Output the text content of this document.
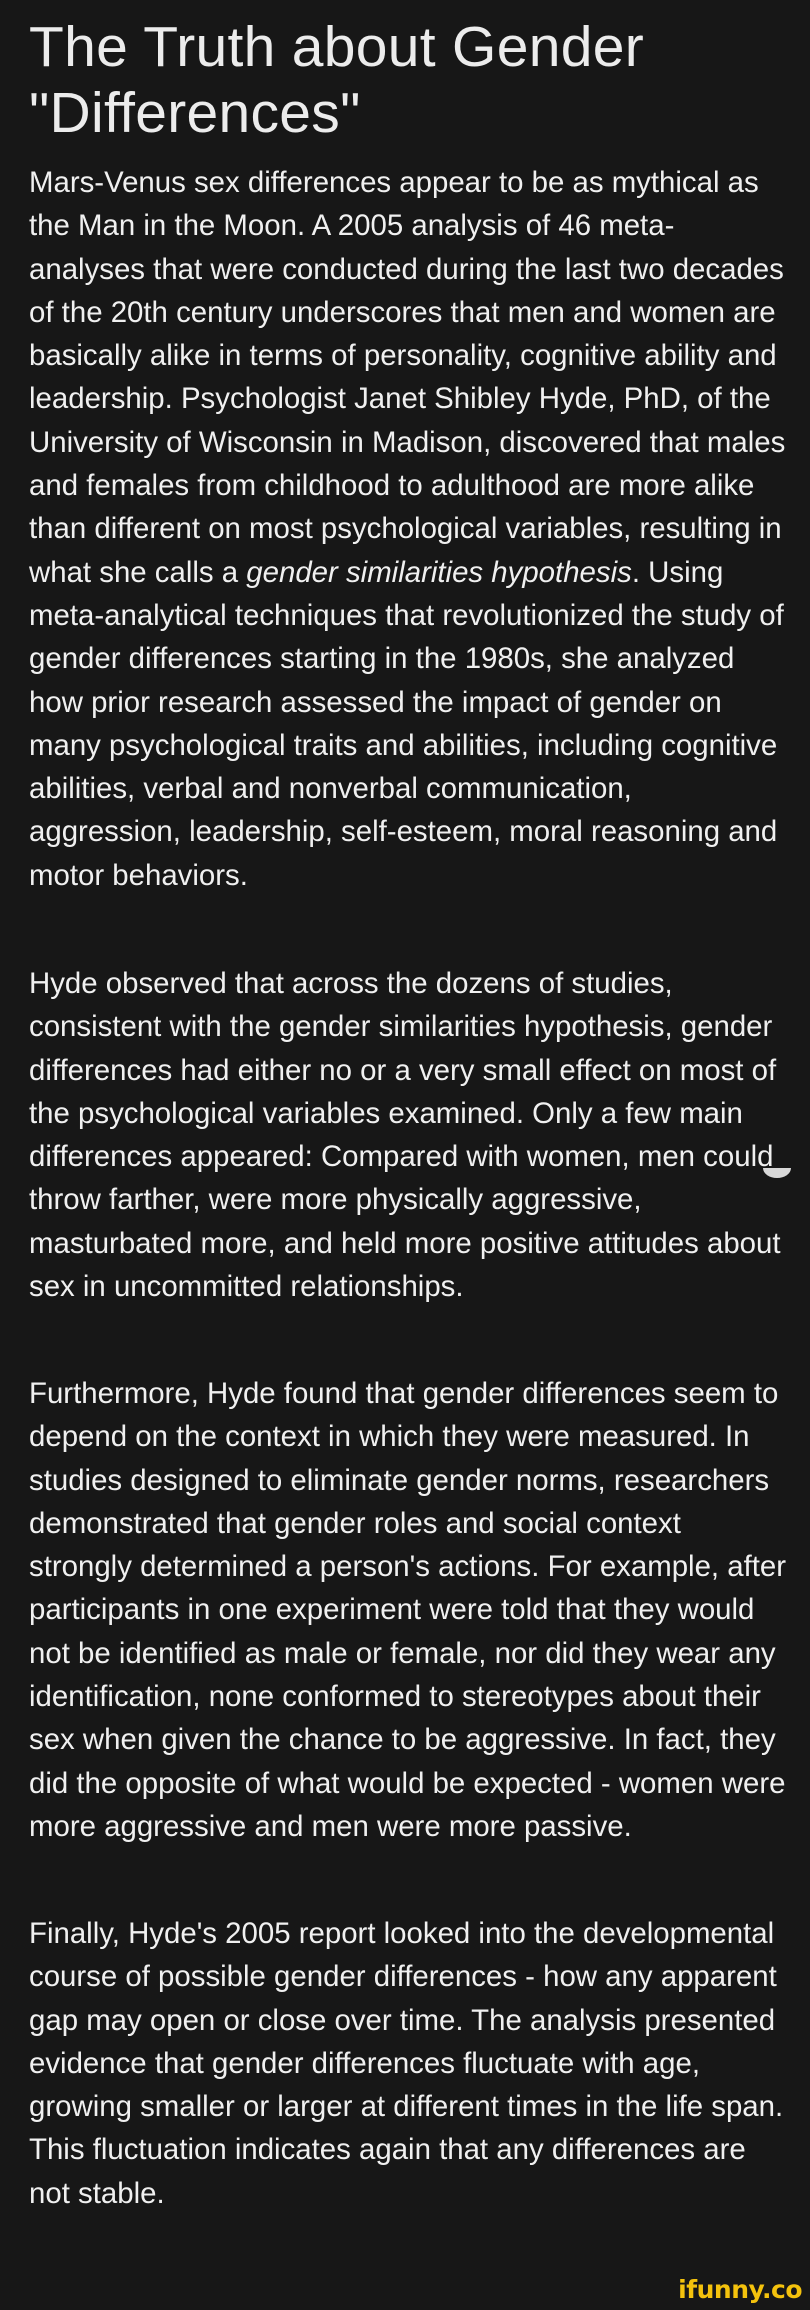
The Truth about Gender
"Differences"

Mars-Venus sex differences appear to be as mythical as the Man in the Moon. A 2005 analysis of 46 meta-analyses that were conducted during the last two decades of the 20th century underscores that men and women are basically alike in terms of personality, cognitive ability and leadership. Psychologist Janet Shibley Hyde, PhD, of the University of Wisconsin in Madison, discovered that males and females from childhood to adulthood are more alike than different on most psychological variables, resulting in what she calls a gender similarities hypothesis. Using meta-analytical techniques that revolutionized the study of gender differences starting in the 1980s, she analyzed how prior research assessed the impact of gender on many psychological traits and abilities, including cognitive abilities, verbal and nonverbal communication, aggression, leadership, self-esteem, moral reasoning and motor behaviors.

Hyde observed that across the dozens of studies, consistent with the gender similarities hypothesis, gender differences had either no or a very small effect on most of the psychological variables examined. Only a few main differences appeared: Compared with women, men could throw farther, were more physically aggressive, masturbated more, and held more positive attitudes about sex in uncommitted relationships.

Furthermore, Hyde found that gender differences seem to depend on the context in which they were measured. In studies designed to eliminate gender norms, researchers demonstrated that gender roles and social context strongly determined a person's actions. For example, after participants in one experiment were told that they would not be identified as male or female, nor did they wear any identification, none conformed to stereotypes about their sex when given the chance to be aggressive. In fact, they did the opposite of what would be expected - women were more aggressive and men were more passive.

Finally, Hyde's 2005 report looked into the developmental course of possible gender differences - how any apparent gap may open or close over time. The analysis presented evidence that gender differences fluctuate with age, growing smaller or larger at different times in the life span. This fluctuation indicates again that any differences are not stable.

ifunny.co
